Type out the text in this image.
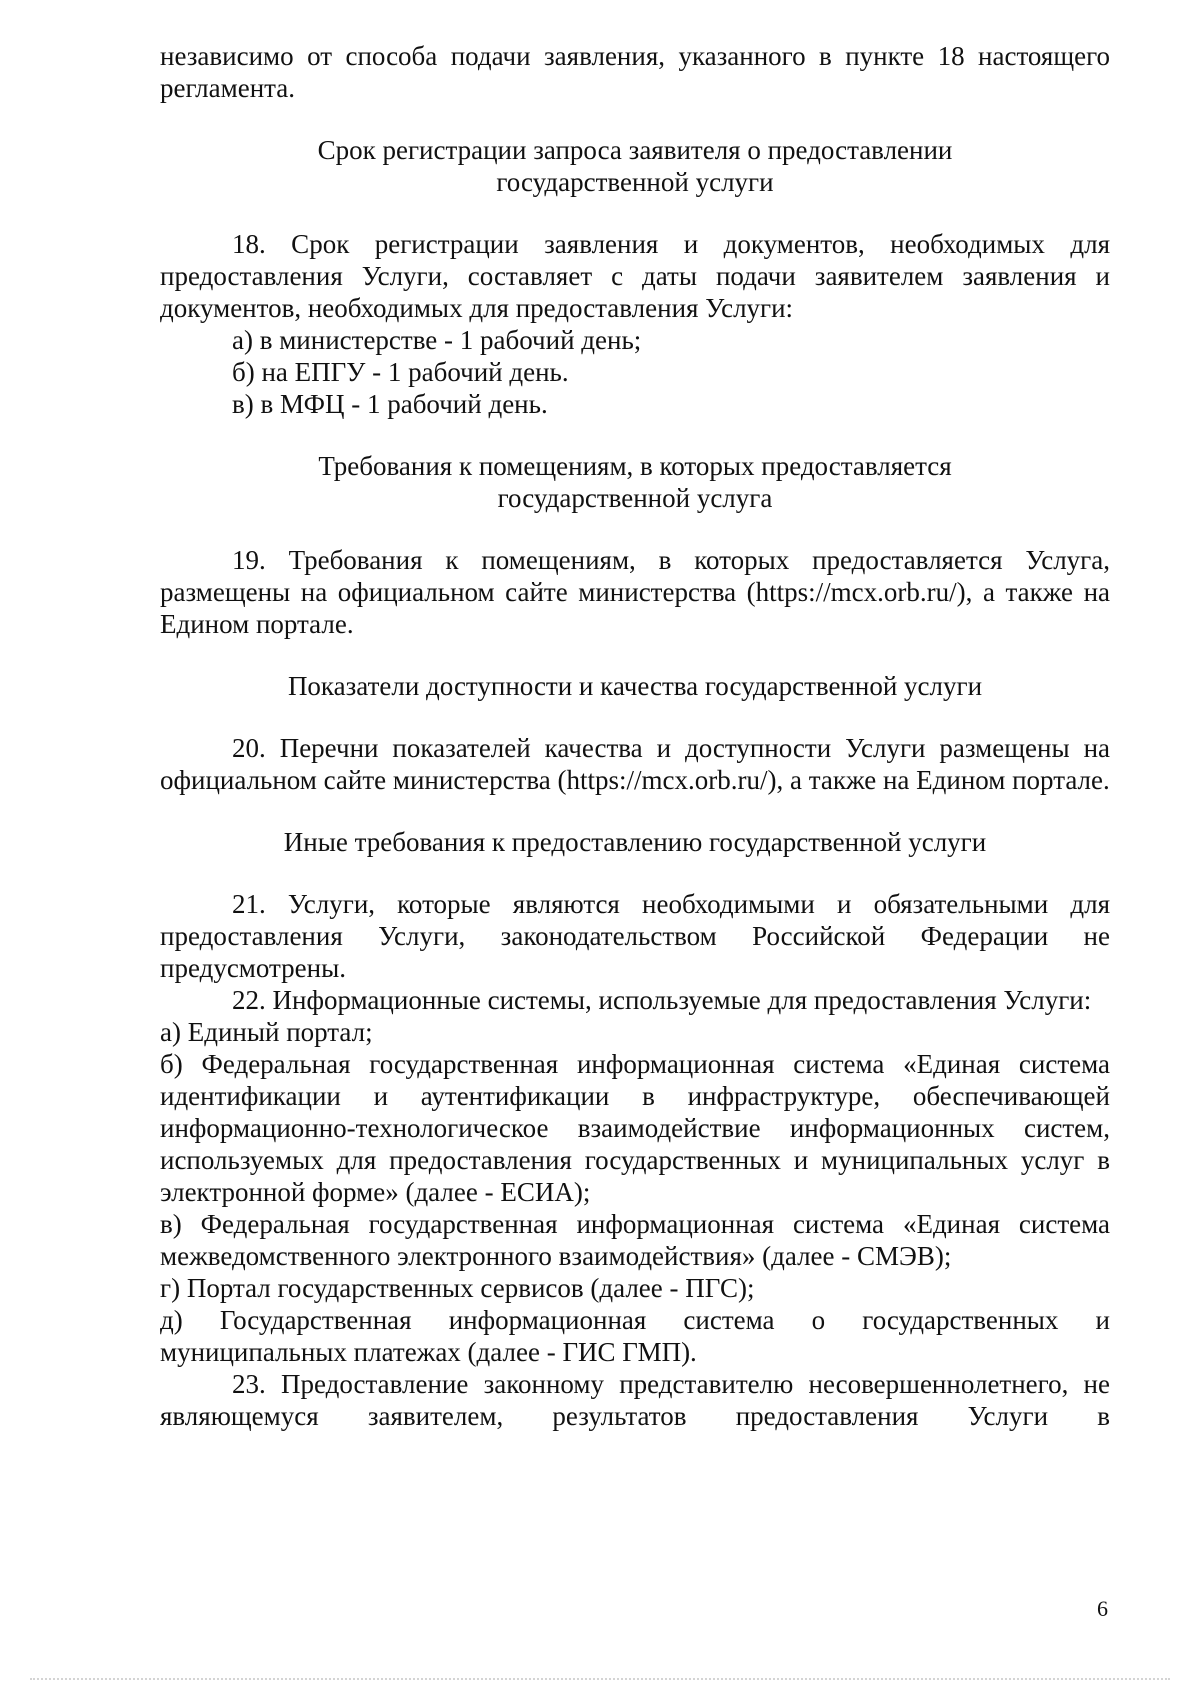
независимо от способа подачи заявления, указанного в пункте 18 настоящего регламента.

Срок регистрации запроса заявителя о предоставлении

государственной услуги

18. Срок регистрации заявления и документов, необходимых для предоставления Услуги, составляет с даты подачи заявителем заявления и документов, необходимых для предоставления Услуги:

а) в министерстве - 1 рабочий день;

б) на ЕПГУ - 1 рабочий день.

в) в МФЦ - 1 рабочий день.

Требования к помещениям, в которых предоставляется

государственной услуга

19. Требования к помещениям, в которых предоставляется Услуга, размещены на официальном сайте министерства (https://mcx.orb.ru/), а также на Едином портале.

Показатели доступности и качества государственной услуги

20. Перечни показателей качества и доступности Услуги размещены на официальном сайте министерства (https://mcx.orb.ru/), а также на Едином портале.

Иные требования к предоставлению государственной услуги

21. Услуги, которые являются необходимыми и обязательными для предоставления Услуги, законодательством Российской Федерации не предусмотрены.

22. Информационные системы, используемые для предоставления Услуги:

а) Единый портал;

б) Федеральная государственная информационная система «Единая система идентификации и аутентификации в инфраструктуре, обеспечивающей информационно-технологическое взаимодействие информационных систем, используемых для предоставления государственных и муниципальных услуг в электронной форме» (далее - ЕСИА);

в) Федеральная государственная информационная система «Единая система межведомственного электронного взаимодействия» (далее - СМЭВ);

г) Портал государственных сервисов (далее - ПГС);

д) Государственная информационная система о государственных и муниципальных платежах (далее - ГИС ГМП).

23. Предоставление законному представителю несовершеннолетнего, не являющемуся заявителем, результатов предоставления Услуги в

6
